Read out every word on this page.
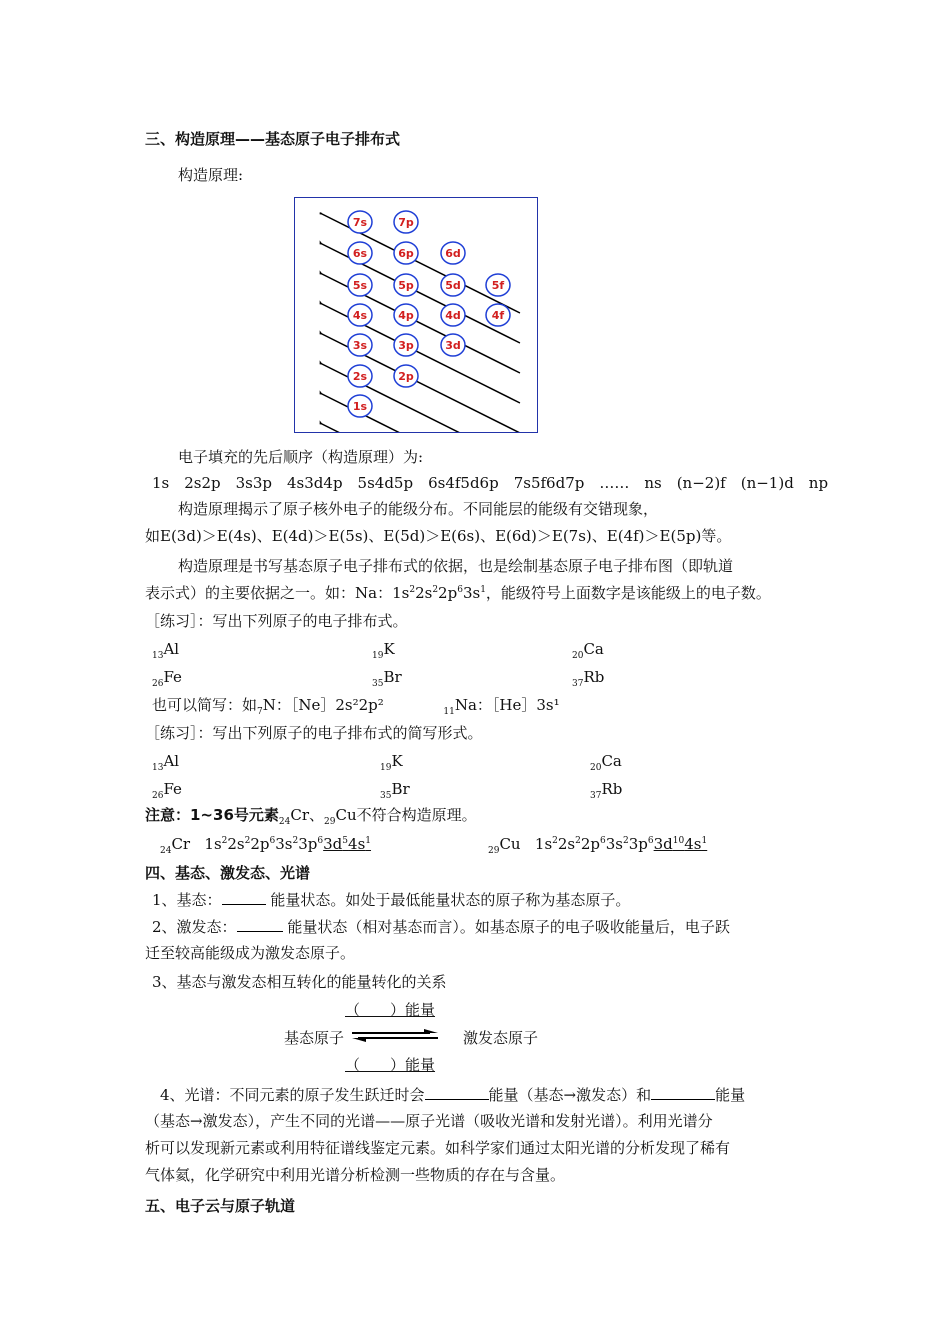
三、构造原理——基态原子电子排布式
构造原理:
7s	7p
6s	6p	6d
5s	5p	5d	5f
4s	4p	4d	4f
3s	3p	3d
2s	2p
1s
电子填充的先后顺序（构造原理）为:
1s　2s2p　3s3p　4s3d4p　5s4d5p　6s4f5d6p　7s5f6d7p　……　ns　(n−2)f　(n−1)d　np
构造原理揭示了原子核外电子的能级分布。不同能层的能级有交错现象，
如E(3d)＞E(4s)、E(4d)＞E(5s)、E(5d)＞E(6s)、E(6d)＞E(7s)、E(4f)＞E(5p)等。
构造原理是书写基态原子电子排布式的依据，也是绘制基态原子电子排布图（即轨道
表示式）的主要依据之一。如：Na：$1s^22s^22p^63s^1$，能级符号上面数字是该能级上的电子数。
［练习］：写出下列原子的电子排布式。
$_{13}$Al	$_{19}$K	$_{20}$Ca
$_{26}$Fe	$_{35}$Br	$_{37}$Rb
也可以简写：如$_7$N：［Ne］2s²2p²	$_{11}$Na：［He］3s¹
［练习］：写出下列原子的电子排布式的简写形式。
$_{13}$Al	$_{19}$K	$_{20}$Ca
$_{26}$Fe	$_{35}$Br	$_{37}$Rb
注意：1~36号元素$_{24}$Cr、$_{29}$Cu不符合构造原理。
$_{24}$Cr   $1s^22s^22p^63s^23p^63d^54s^1$
$_{29}$Cu   $1s^22s^22p^63s^23p^63d^{10}4s^1$
四、基态、激发态、光谱
1、基态：	能量状态。如处于最低能量状态的原子称为基态原子。
2、激发态：	能量状态（相对基态而言）。如基态原子的电子吸收能量后，电子跃
迁至较高能级成为激发态原子。
3、基态与激发态相互转化的能量转化的关系
（　　）能量
基态原子	激发态原子
（　　）能量
4、光谱：不同元素的原子发生跃迁时会	能量（基态→激发态）和	能量
（基态→激发态），产生不同的光谱——原子光谱（吸收光谱和发射光谱）。利用光谱分
析可以发现新元素或利用特征谱线鉴定元素。如科学家们通过太阳光谱的分析发现了稀有
气体氦，化学研究中利用光谱分析检测一些物质的存在与含量。
五、电子云与原子轨道
